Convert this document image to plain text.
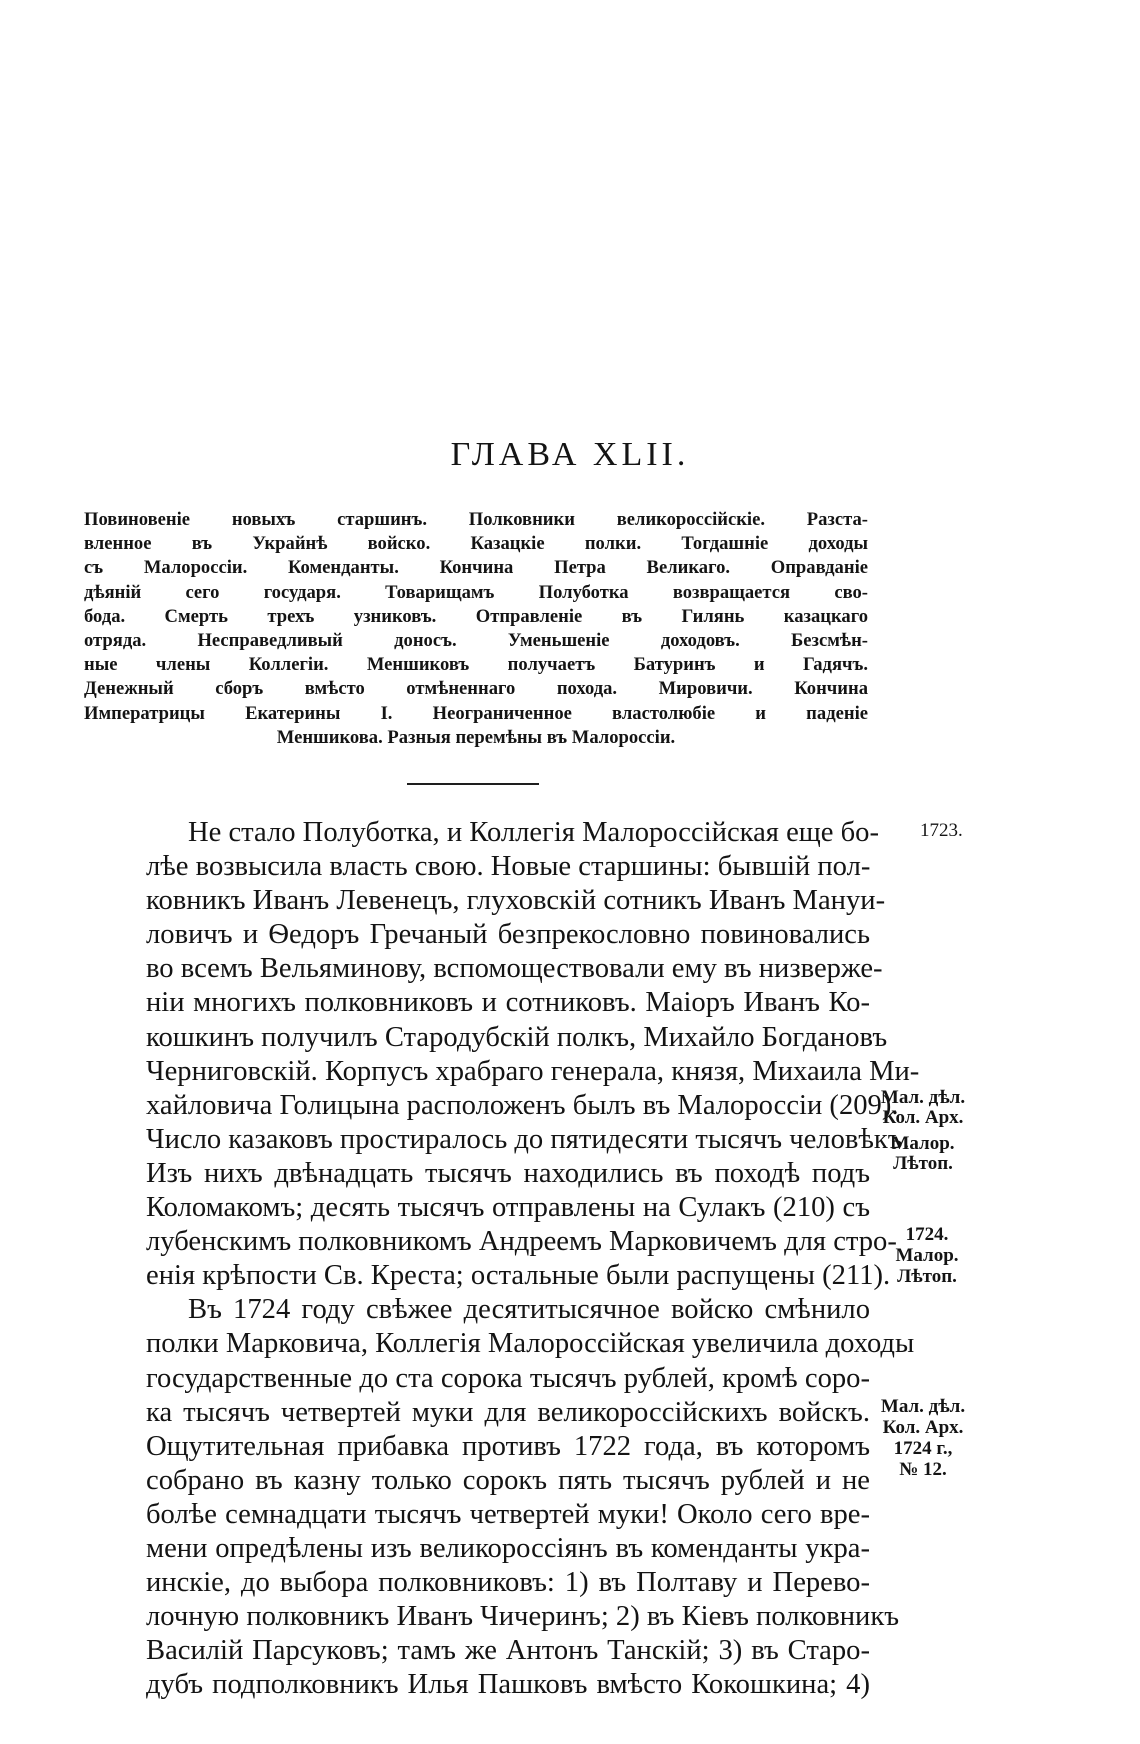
ГЛАВА XLII.
Повиновеніе новыхъ старшинъ. Полковники великороссійскіе. Разста-
вленное въ Украйнѣ войско. Казацкіе полки. Тогдашніе доходы
съ Малороссіи. Коменданты. Кончина Петра Великаго. Оправданіе
дѣяній сего государя. Товарищамъ Полуботка возвращается сво-
бода. Смерть трехъ узниковъ. Отправленіе въ Гилянь казацкаго
отряда. Несправедливый доносъ. Уменьшеніе доходовъ. Безсмѣн-
ные члены Коллегіи. Меншиковъ получаетъ Батуринъ и Гадячъ.
Денежный сборъ вмѣсто отмѣненнаго похода. Мировичи. Кончина
Императрицы Екатерины I. Неограниченное властолюбіе и паденіе
Меншикова. Разныя перемѣны въ Малороссіи.
Не стало Полуботка, и Коллегія Малороссійская еще бо-
лѣе возвысила власть свою. Новые старшины: бывшій пол-
ковникъ Иванъ Левенецъ, глуховскій сотникъ Иванъ Мануи-
ловичъ и Ѳедоръ Гречаный безпрекословно повиновались
во всемъ Вельяминову, вспомоществовали ему въ низверже-
ніи многихъ полковниковъ и сотниковъ. Маіоръ Иванъ Ко-
кошкинъ получилъ Стародубскій полкъ, Михайло Богдановъ
Черниговскій. Корпусъ храбраго генерала, князя, Михаила Ми-
хайловича Голицына расположенъ былъ въ Малороссіи (209).
Число казаковъ простиралось до пятидесяти тысячъ человѣкъ.
Изъ нихъ двѣнадцать тысячъ находились въ походѣ подъ
Коломакомъ; десять тысячъ отправлены на Сулакъ (210) съ
лубенскимъ полковникомъ Андреемъ Марковичемъ для стро-
енія крѣпости Св. Креста; остальные были распущены (211).
Въ 1724 году свѣжее десятитысячное войско смѣнило
полки Марковича, Коллегія Малороссійская увеличила доходы
государственные до ста сорока тысячъ рублей, кромѣ соро-
ка тысячъ четвертей муки для великороссійскихъ войскъ.
Ощутительная прибавка противъ 1722 года, въ которомъ
собрано въ казну только сорокъ пять тысячъ рублей и не
болѣе семнадцати тысячъ четвертей муки! Около сего вре-
мени опредѣлены изъ великороссіянъ въ коменданты укра-
инскіе, до выбора полковниковъ: 1) въ Полтаву и Перево-
лочную полковникъ Иванъ Чичеринъ; 2) въ Кіевъ полковникъ
Василій Парсуковъ; тамъ же Антонъ Танскій; 3) въ Старо-
дубъ подполковникъ Илья Пашковъ вмѣсто Кокошкина; 4)
1723.
Мал. дѣл.
Кол. Арх.
Малор.
Лѣтоп.
1724.
Малор.
Лѣтоп.
Мал. дѣл.
Кол. Арх.
1724 г.,
№ 12.
